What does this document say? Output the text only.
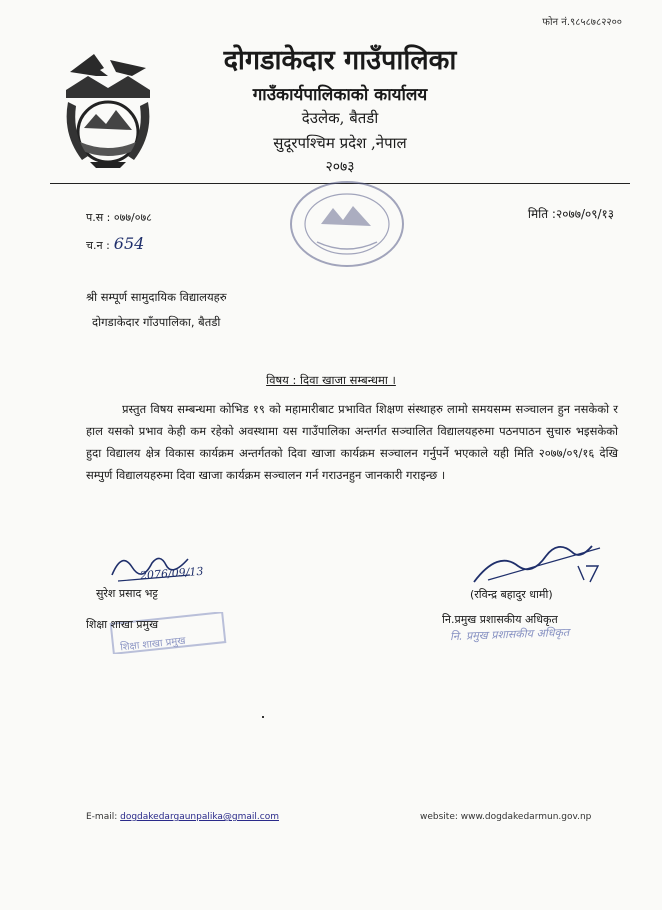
फोन नं.९८५८७८२२००
दोगडाकेदार गाउँपालिका
गाउँकार्यपालिकाको कार्यालय
देउलेक, बैतडी
सुदूरपश्चिम प्रदेश ,नेपाल
२०७३
प.स : ०७७/०७८
च.न : 654
मिति :२०७७/०९/१३
श्री सम्पूर्ण सामुदायिक विद्यालयहरु
दोगडाकेदार गाँउपालिका, बैतडी
विषय : दिवा खाजा सम्बन्धमा ।
प्रस्तुत विषय सम्बन्धमा कोभिड १९ को महामारीबाट प्रभावित शिक्षण संस्थाहरु लामो समयसम्म सञ्चालन हुन नसकेको र हाल यसको प्रभाव केही कम रहेको अवस्थामा यस गाउँपालिका अन्तर्गत सञ्चालित विद्यालयहरुमा पठनपाठन सुचारु भइसकेको हुदा विद्यालय क्षेत्र विकास कार्यक्रम अन्तर्गतको दिवा खाजा कार्यक्रम सञ्चालन गर्नुपर्ने भएकाले यही मिति २०७७/०९/१६ देखि सम्पुर्ण विद्यालयहरुमा दिवा खाजा कार्यक्रम सञ्चालन गर्न गराउनहुन जानकारी गराइन्छ ।
2076/09/13
सुरेश प्रसाद भट्ट
शिक्षा शाखा प्रमुख
शिक्षा शाखा प्रमुख
(रविन्द्र बहादुर धामी)
नि.प्रमुख प्रशासकीय अधिकृत
नि. प्रमुख प्रशासकीय अधिकृत
E-mail: dogdakedargaunpalika@gmail.com	website: www.dogdakedarmun.gov.np
